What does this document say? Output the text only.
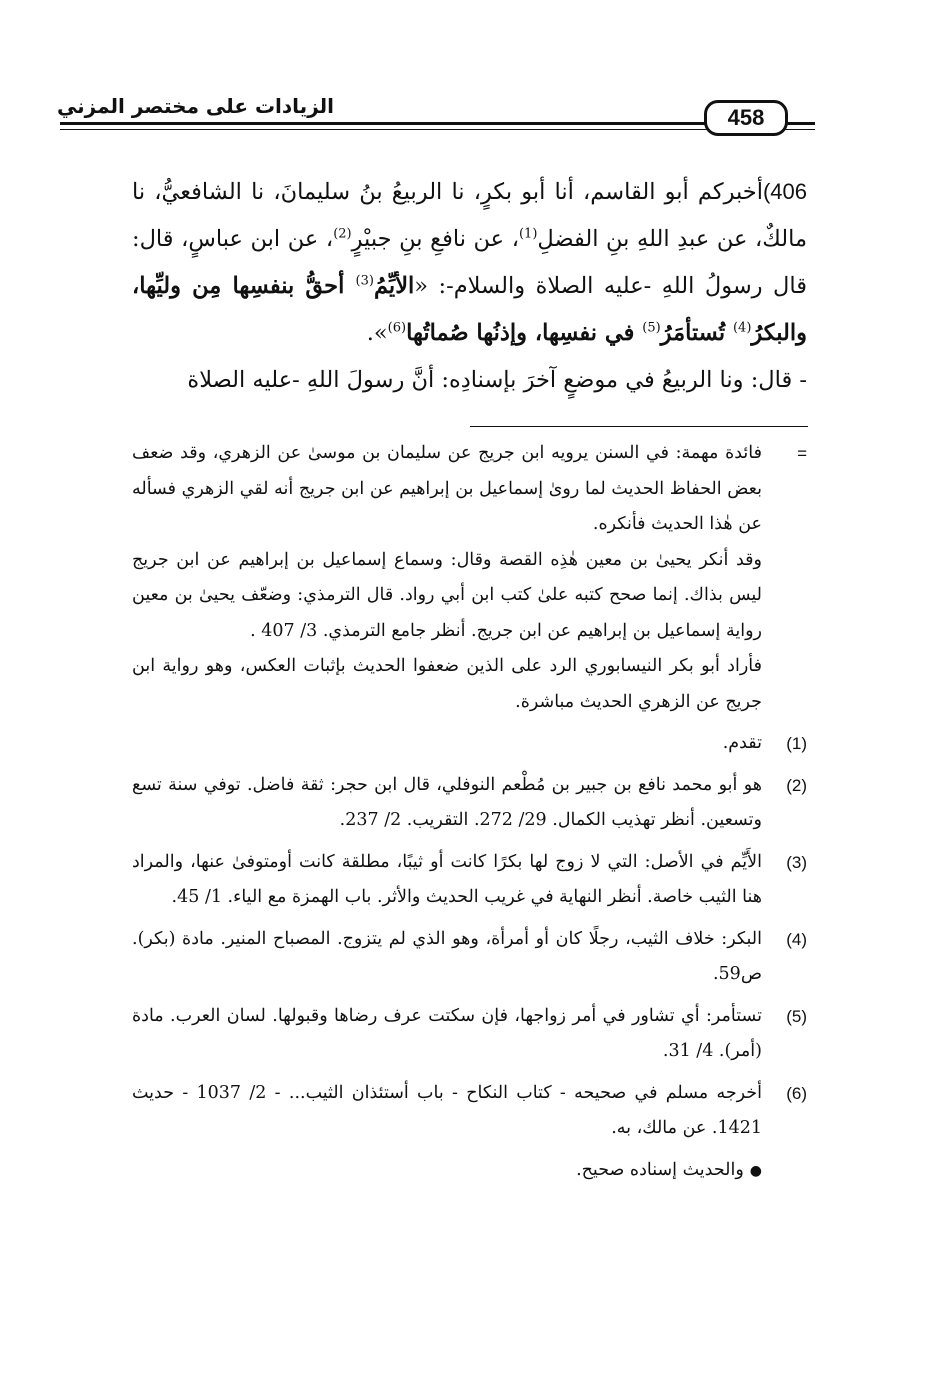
الزيادات على مختصر المزني	458

406)أخبركم أبو القاسم، أنا أبو بكرٍ، نا الربيعُ بنُ سليمانَ، نا الشافعيُّ، نا مالكٌ، عن عبدِ اللهِ بنِ الفضلِ$^{(1)}$، عن نافعِ بنِ جبيْرٍ$^{(2)}$، عن ابن عباسٍ، قال: قال رسولُ اللهِ -عليه الصلاة والسلام-: «الأيِّمُ$^{(3)}$ أحقُّ بنفسِها مِن وليِّها، والبكرُ$^{(4)}$ تُستأمَرُ$^{(5)}$ في نفسِها، وإذنُها صُماتُها$^{(6)}$».

- قال: ونا الربيعُ في موضعٍ آخرَ بإسنادِه: أنَّ رسولَ اللهِ -عليه الصلاة

=

فائدة مهمة: في السنن يرويه ابن جريج عن سليمان بن موسىٰ عن الزهري، وقد ضعف بعض الحفاظ الحديث لما روىٰ إسماعيل بن إبراهيم عن ابن جريج أنه لقي الزهري فسأله عن هٰذا الحديث فأنكره.

وقد أنكر يحيىٰ بن معين هٰذِه القصة وقال: وسماع إسماعيل بن إبراهيم عن ابن جريج ليس بذاك. إنما صحح كتبه علىٰ كتب ابن أبي رواد. قال الترمذي: وضعّف يحيىٰ بن معين رواية إسماعيل بن إبراهيم عن ابن جريج. أنظر جامع الترمذي. 3/ 407 .

فأراد أبو بكر النيسابوري الرد على الذين ضعفوا الحديث بإثبات العكس، وهو رواية ابن جريج عن الزهري الحديث مباشرة.

(1)
تقدم.
(2)
هو أبو محمد نافع بن جبير بن مُطْعم النوفلي، قال ابن حجر: ثقة فاضل. توفي سنة تسع وتسعين. أنظر تهذيب الكمال. 29/ 272. التقريب. 2/ 237.
(3)
الأَيِّم في الأصل: التي لا زوج لها بكرًا كانت أو ثيبًا، مطلقة كانت أومتوفىٰ عنها، والمراد هنا الثيب خاصة. أنظر النهاية في غريب الحديث والأثر. باب الهمزة مع الياء. 1/ 45.
(4)
البكر: خلاف الثيب، رجلًا كان أو أمرأة، وهو الذي لم يتزوج. المصباح المنير. مادة (بكر). ص59.
(5)
تستأمر: أي تشاور في أمر زواجها، فإن سكتت عرف رضاها وقبولها. لسان العرب. مادة (أمر). 4/ 31.
(6)
أخرجه مسلم في صحيحه - كتاب النكاح - باب أستئذان الثيب... - 2/ 1037 - حديث 1421. عن مالك، به.
●والحديث إسناده صحيح.
